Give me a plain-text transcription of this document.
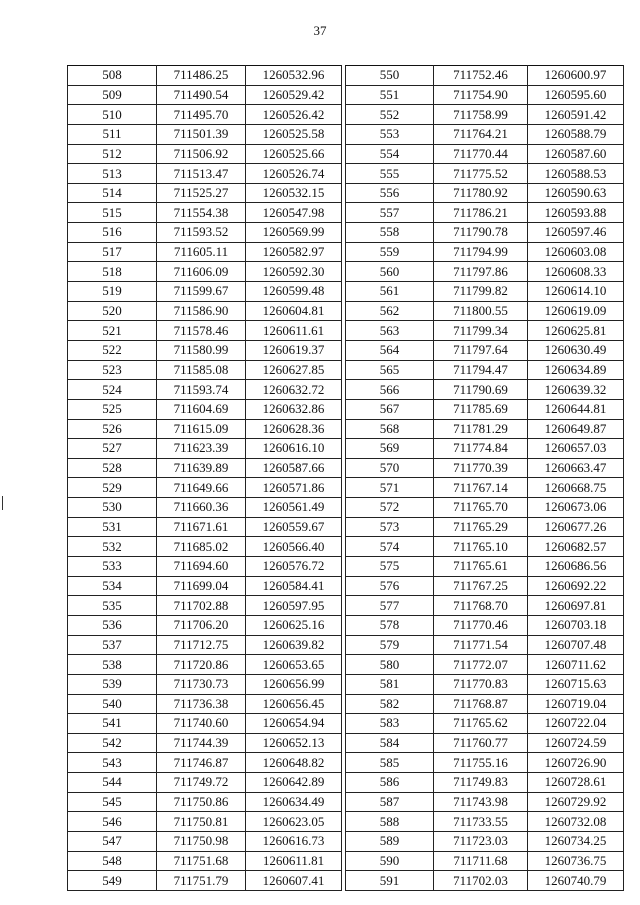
37
508	711486.25	1260532.96
509	711490.54	1260529.42
510	711495.70	1260526.42
511	711501.39	1260525.58
512	711506.92	1260525.66
513	711513.47	1260526.74
514	711525.27	1260532.15
515	711554.38	1260547.98
516	711593.52	1260569.99
517	711605.11	1260582.97
518	711606.09	1260592.30
519	711599.67	1260599.48
520	711586.90	1260604.81
521	711578.46	1260611.61
522	711580.99	1260619.37
523	711585.08	1260627.85
524	711593.74	1260632.72
525	711604.69	1260632.86
526	711615.09	1260628.36
527	711623.39	1260616.10
528	711639.89	1260587.66
529	711649.66	1260571.86
530	711660.36	1260561.49
531	711671.61	1260559.67
532	711685.02	1260566.40
533	711694.60	1260576.72
534	711699.04	1260584.41
535	711702.88	1260597.95
536	711706.20	1260625.16
537	711712.75	1260639.82
538	711720.86	1260653.65
539	711730.73	1260656.99
540	711736.38	1260656.45
541	711740.60	1260654.94
542	711744.39	1260652.13
543	711746.87	1260648.82
544	711749.72	1260642.89
545	711750.86	1260634.49
546	711750.81	1260623.05
547	711750.98	1260616.73
548	711751.68	1260611.81
549	711751.79	1260607.41
550	711752.46	1260600.97
551	711754.90	1260595.60
552	711758.99	1260591.42
553	711764.21	1260588.79
554	711770.44	1260587.60
555	711775.52	1260588.53
556	711780.92	1260590.63
557	711786.21	1260593.88
558	711790.78	1260597.46
559	711794.99	1260603.08
560	711797.86	1260608.33
561	711799.82	1260614.10
562	711800.55	1260619.09
563	711799.34	1260625.81
564	711797.64	1260630.49
565	711794.47	1260634.89
566	711790.69	1260639.32
567	711785.69	1260644.81
568	711781.29	1260649.87
569	711774.84	1260657.03
570	711770.39	1260663.47
571	711767.14	1260668.75
572	711765.70	1260673.06
573	711765.29	1260677.26
574	711765.10	1260682.57
575	711765.61	1260686.56
576	711767.25	1260692.22
577	711768.70	1260697.81
578	711770.46	1260703.18
579	711771.54	1260707.48
580	711772.07	1260711.62
581	711770.83	1260715.63
582	711768.87	1260719.04
583	711765.62	1260722.04
584	711760.77	1260724.59
585	711755.16	1260726.90
586	711749.83	1260728.61
587	711743.98	1260729.92
588	711733.55	1260732.08
589	711723.03	1260734.25
590	711711.68	1260736.75
591	711702.03	1260740.79
